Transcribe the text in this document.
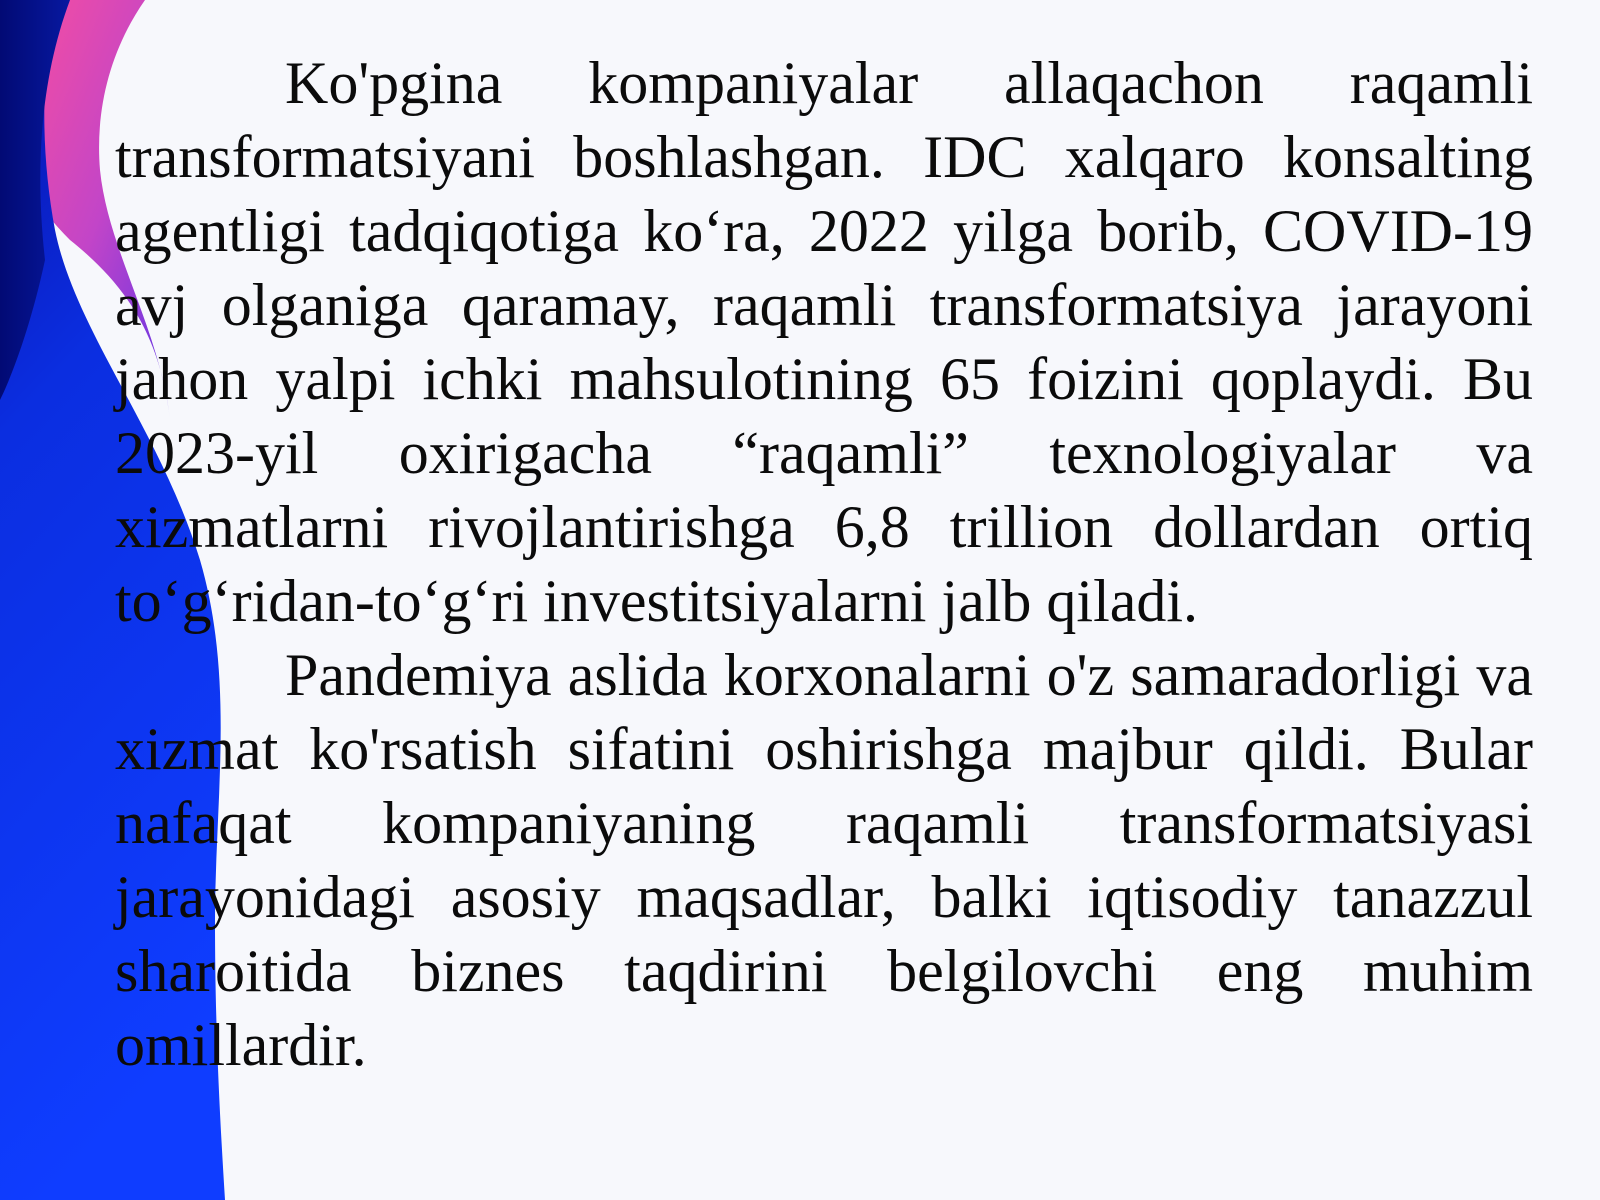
Ko'pgina kompaniyalar allaqachon raqamli transformatsiyani boshlashgan. IDC xalqaro konsalting agentligi tadqiqotiga ko‘ra, 2022 yilga borib, COVID-19 avj olganiga qaramay, raqamli transformatsiya jarayoni jahon yalpi ichki mahsulotining 65 foizini qoplaydi. Bu 2023-yil oxirigacha “raqamli” texnologiyalar va xizmatlarni rivojlantirishga 6,8 trillion dollardan ortiq to‘g‘ridan-to‘g‘ri investitsiyalarni jalb qiladi.

Pandemiya aslida korxonalarni o'z samaradorligi va xizmat ko'rsatish sifatini oshirishga majbur qildi. Bular nafaqat kompaniyaning raqamli transformatsiyasi jarayonidagi asosiy maqsadlar, balki iqtisodiy tanazzul sharoitida biznes taqdirini belgilovchi eng muhim omillardir.
